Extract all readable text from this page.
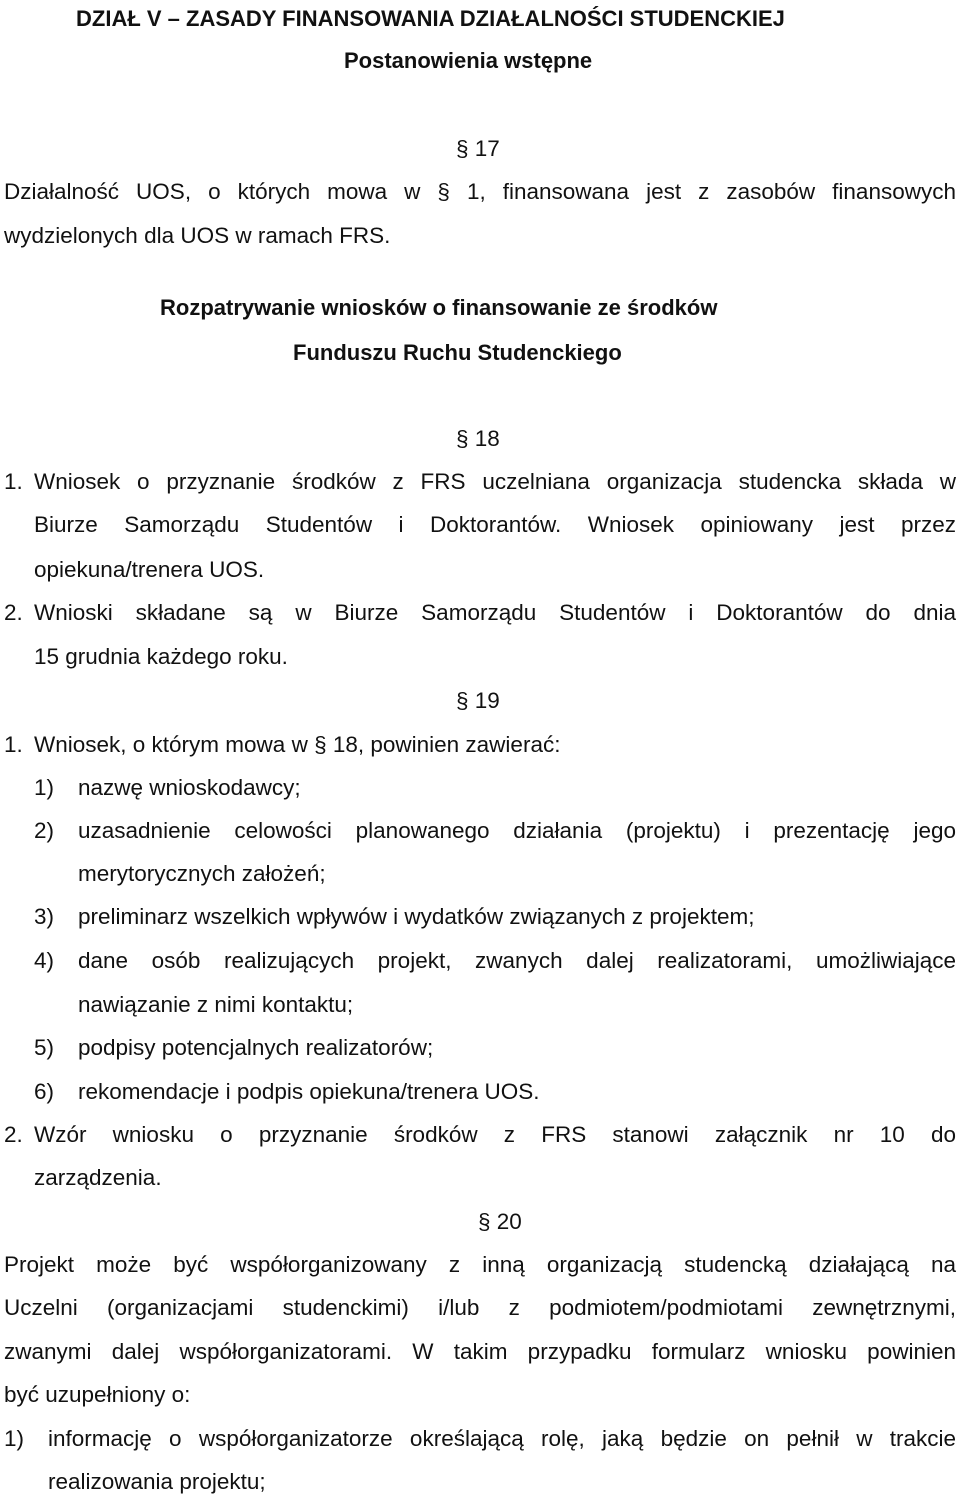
DZIAŁ V – ZASADY FINANSOWANIA DZIAŁALNOŚCI STUDENCKIEJ
Postanowienia wstępne
§ 17
Działalność UOS, o których mowa w § 1, finansowana jest z zasobów finansowych
wydzielonych dla UOS w ramach FRS.
Rozpatrywanie wniosków o finansowanie ze środków
Funduszu Ruchu Studenckiego
§ 18
1. Wniosek o przyznanie środków z FRS uczelniana organizacja studencka składa w
Biurze Samorządu Studentów i Doktorantów. Wniosek opiniowany jest przez
opiekuna/trenera UOS.
2. Wnioski składane są w Biurze Samorządu Studentów i Doktorantów do dnia
15 grudnia każdego roku.
§ 19
1. Wniosek, o którym mowa w § 18, powinien zawierać:
1) nazwę wnioskodawcy;
2) uzasadnienie celowości planowanego działania (projektu) i prezentację jego
merytorycznych założeń;
3) preliminarz wszelkich wpływów i wydatków związanych z projektem;
4) dane osób realizujących projekt, zwanych dalej realizatorami, umożliwiające
nawiązanie z nimi kontaktu;
5) podpisy potencjalnych realizatorów;
6) rekomendacje i podpis opiekuna/trenera UOS.
2. Wzór wniosku o przyznanie środków z FRS stanowi załącznik nr 10 do
zarządzenia.
§ 20
Projekt może być współorganizowany z inną organizacją studencką działającą na
Uczelni (organizacjami studenckimi) i/lub z podmiotem/podmiotami zewnętrznymi,
zwanymi dalej współorganizatorami. W takim przypadku formularz wniosku powinien
być uzupełniony o:
1) informację o współorganizatorze określającą rolę, jaką będzie on pełnił w trakcie
realizowania projektu;
